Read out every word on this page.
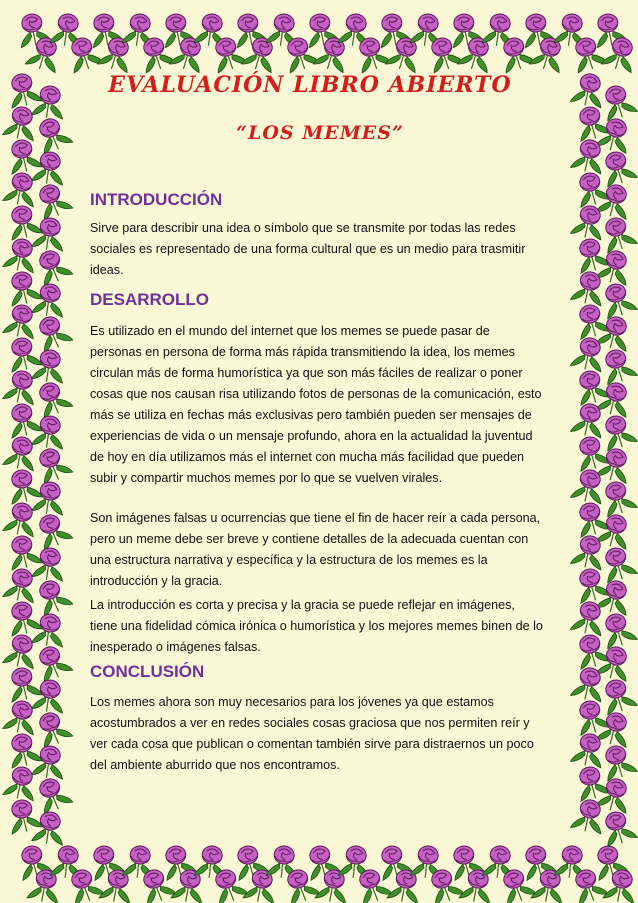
EVALUACIÓN LIBRO ABIERTO
“LOS MEMES”
INTRODUCCIÓN

Sirve para describir una idea o símbolo que se transmite por todas las redes sociales es representado de una forma cultural que es un medio para trasmitir ideas.

DESARROLLO

Es utilizado en el mundo del internet que los memes se puede pasar de personas en persona de forma más rápida transmitiendo la idea, los memes circulan más de forma humorística ya que son más fáciles de realizar o poner cosas que nos causan risa utilizando fotos de personas de la comunicación, esto más se utiliza en fechas más exclusivas pero también pueden ser mensajes de experiencias de vida o un mensaje profundo, ahora en la actualidad la juventud de hoy en día utilizamos más el internet con mucha más facilidad que pueden subir y compartir muchos memes por lo que se vuelven virales.

Son imágenes falsas u ocurrencias que tiene el fin de hacer reír a cada persona, pero un meme debe ser breve y contiene detalles de la adecuada cuentan con una estructura narrativa y específica y la estructura de los memes es la introducción y la gracia.

La introducción es corta y precisa y la gracia se puede reflejar en imágenes, tiene una fidelidad cómica irónica o humorística y los mejores memes binen de lo inesperado o imágenes falsas.

CONCLUSIÓN

Los memes ahora son muy necesarios para los jóvenes ya que estamos acostumbrados a ver en redes sociales cosas graciosa que nos permiten reír y ver cada cosa que publican o comentan también sirve para distraernos un poco del ambiente aburrido que nos encontramos.
